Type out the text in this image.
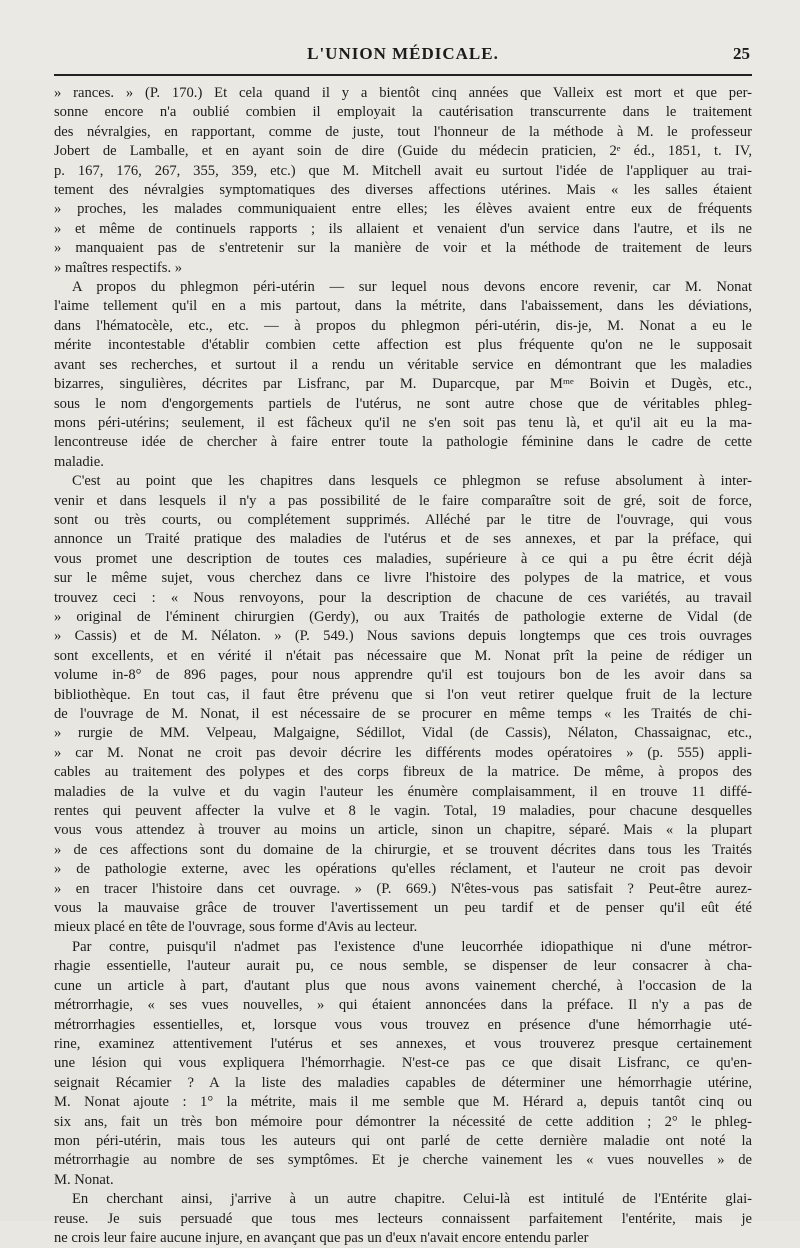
L'UNION MÉDICALE.	25
» rances. » (P. 170.) Et cela quand il y a bientôt cinq années que Valleix est mort et que per-
sonne encore n'a oublié combien il employait la cautérisation transcurrente dans le traitement
des névralgies, en rapportant, comme de juste, tout l'honneur de la méthode à M. le professeur
Jobert de Lamballe, et en ayant soin de dire (Guide du médecin praticien, 2ᵉ éd., 1851, t. IV,
p. 167, 176, 267, 355, 359, etc.) que M. Mitchell avait eu surtout l'idée de l'appliquer au trai-
tement des névralgies symptomatiques des diverses affections utérines. Mais « les salles étaient
» proches, les malades communiquaient entre elles; les élèves avaient entre eux de fréquents
» et même de continuels rapports ; ils allaient et venaient d'un service dans l'autre, et ils ne
» manquaient pas de s'entretenir sur la manière de voir et la méthode de traitement de leurs
» maîtres respectifs. »
A propos du phlegmon péri-utérin — sur lequel nous devons encore revenir, car M. Nonat
l'aime tellement qu'il en a mis partout, dans la métrite, dans l'abaissement, dans les déviations,
dans l'hématocèle, etc., etc. — à propos du phlegmon péri-utérin, dis-je, M. Nonat a eu le
mérite incontestable d'établir combien cette affection est plus fréquente qu'on ne le supposait
avant ses recherches, et surtout il a rendu un véritable service en démontrant que les maladies
bizarres, singulières, décrites par Lisfranc, par M. Duparcque, par Mᵐᵉ Boivin et Dugès, etc.,
sous le nom d'engorgements partiels de l'utérus, ne sont autre chose que de véritables phleg-
mons péri-utérins; seulement, il est fâcheux qu'il ne s'en soit pas tenu là, et qu'il ait eu la ma-
lencontreuse idée de chercher à faire entrer toute la pathologie féminine dans le cadre de cette
maladie.
C'est au point que les chapitres dans lesquels ce phlegmon se refuse absolument à inter-
venir et dans lesquels il n'y a pas possibilité de le faire comparaître soit de gré, soit de force,
sont ou très courts, ou complétement supprimés. Alléché par le titre de l'ouvrage, qui vous
annonce un Traité pratique des maladies de l'utérus et de ses annexes, et par la préface, qui
vous promet une description de toutes ces maladies, supérieure à ce qui a pu être écrit déjà
sur le même sujet, vous cherchez dans ce livre l'histoire des polypes de la matrice, et vous
trouvez ceci : « Nous renvoyons, pour la description de chacune de ces variétés, au travail
» original de l'éminent chirurgien (Gerdy), ou aux Traités de pathologie externe de Vidal (de
» Cassis) et de M. Nélaton. » (P. 549.) Nous savions depuis longtemps que ces trois ouvrages
sont excellents, et en vérité il n'était pas nécessaire que M. Nonat prît la peine de rédiger un
volume in-8° de 896 pages, pour nous apprendre qu'il est toujours bon de les avoir dans sa
bibliothèque. En tout cas, il faut être prévenu que si l'on veut retirer quelque fruit de la lecture
de l'ouvrage de M. Nonat, il est nécessaire de se procurer en même temps « les Traités de chi-
» rurgie de MM. Velpeau, Malgaigne, Sédillot, Vidal (de Cassis), Nélaton, Chassaignac, etc.,
» car M. Nonat ne croit pas devoir décrire les différents modes opératoires » (p. 555) appli-
cables au traitement des polypes et des corps fibreux de la matrice. De même, à propos des
maladies de la vulve et du vagin l'auteur les énumère complaisamment, il en trouve 11 diffé-
rentes qui peuvent affecter la vulve et 8 le vagin. Total, 19 maladies, pour chacune desquelles
vous vous attendez à trouver au moins un article, sinon un chapitre, séparé. Mais « la plupart
» de ces affections sont du domaine de la chirurgie, et se trouvent décrites dans tous les Traités
» de pathologie externe, avec les opérations qu'elles réclament, et l'auteur ne croit pas devoir
» en tracer l'histoire dans cet ouvrage. » (P. 669.) N'êtes-vous pas satisfait ? Peut-être aurez-
vous la mauvaise grâce de trouver l'avertissement un peu tardif et de penser qu'il eût été
mieux placé en tête de l'ouvrage, sous forme d'Avis au lecteur.
Par contre, puisqu'il n'admet pas l'existence d'une leucorrhée idiopathique ni d'une métror-
rhagie essentielle, l'auteur aurait pu, ce nous semble, se dispenser de leur consacrer à cha-
cune un article à part, d'autant plus que nous avons vainement cherché, à l'occasion de la
métrorrhagie, « ses vues nouvelles, » qui étaient annoncées dans la préface. Il n'y a pas de
métrorrhagies essentielles, et, lorsque vous vous trouvez en présence d'une hémorrhagie uté-
rine, examinez attentivement l'utérus et ses annexes, et vous trouverez presque certainement
une lésion qui vous expliquera l'hémorrhagie. N'est-ce pas ce que disait Lisfranc, ce qu'en-
seignait Récamier ? A la liste des maladies capables de déterminer une hémorrhagie utérine,
M. Nonat ajoute : 1° la métrite, mais il me semble que M. Hérard a, depuis tantôt cinq ou
six ans, fait un très bon mémoire pour démontrer la nécessité de cette addition ; 2° le phleg-
mon péri-utérin, mais tous les auteurs qui ont parlé de cette dernière maladie ont noté la
métrorrhagie au nombre de ses symptômes. Et je cherche vainement les « vues nouvelles » de
M. Nonat.
En cherchant ainsi, j'arrive à un autre chapitre. Celui-là est intitulé de l'Entérite glai-
reuse. Je suis persuadé que tous mes lecteurs connaissent parfaitement l'entérite, mais je
ne crois leur faire aucune injure, en avançant que pas un d'eux n'avait encore entendu parler
